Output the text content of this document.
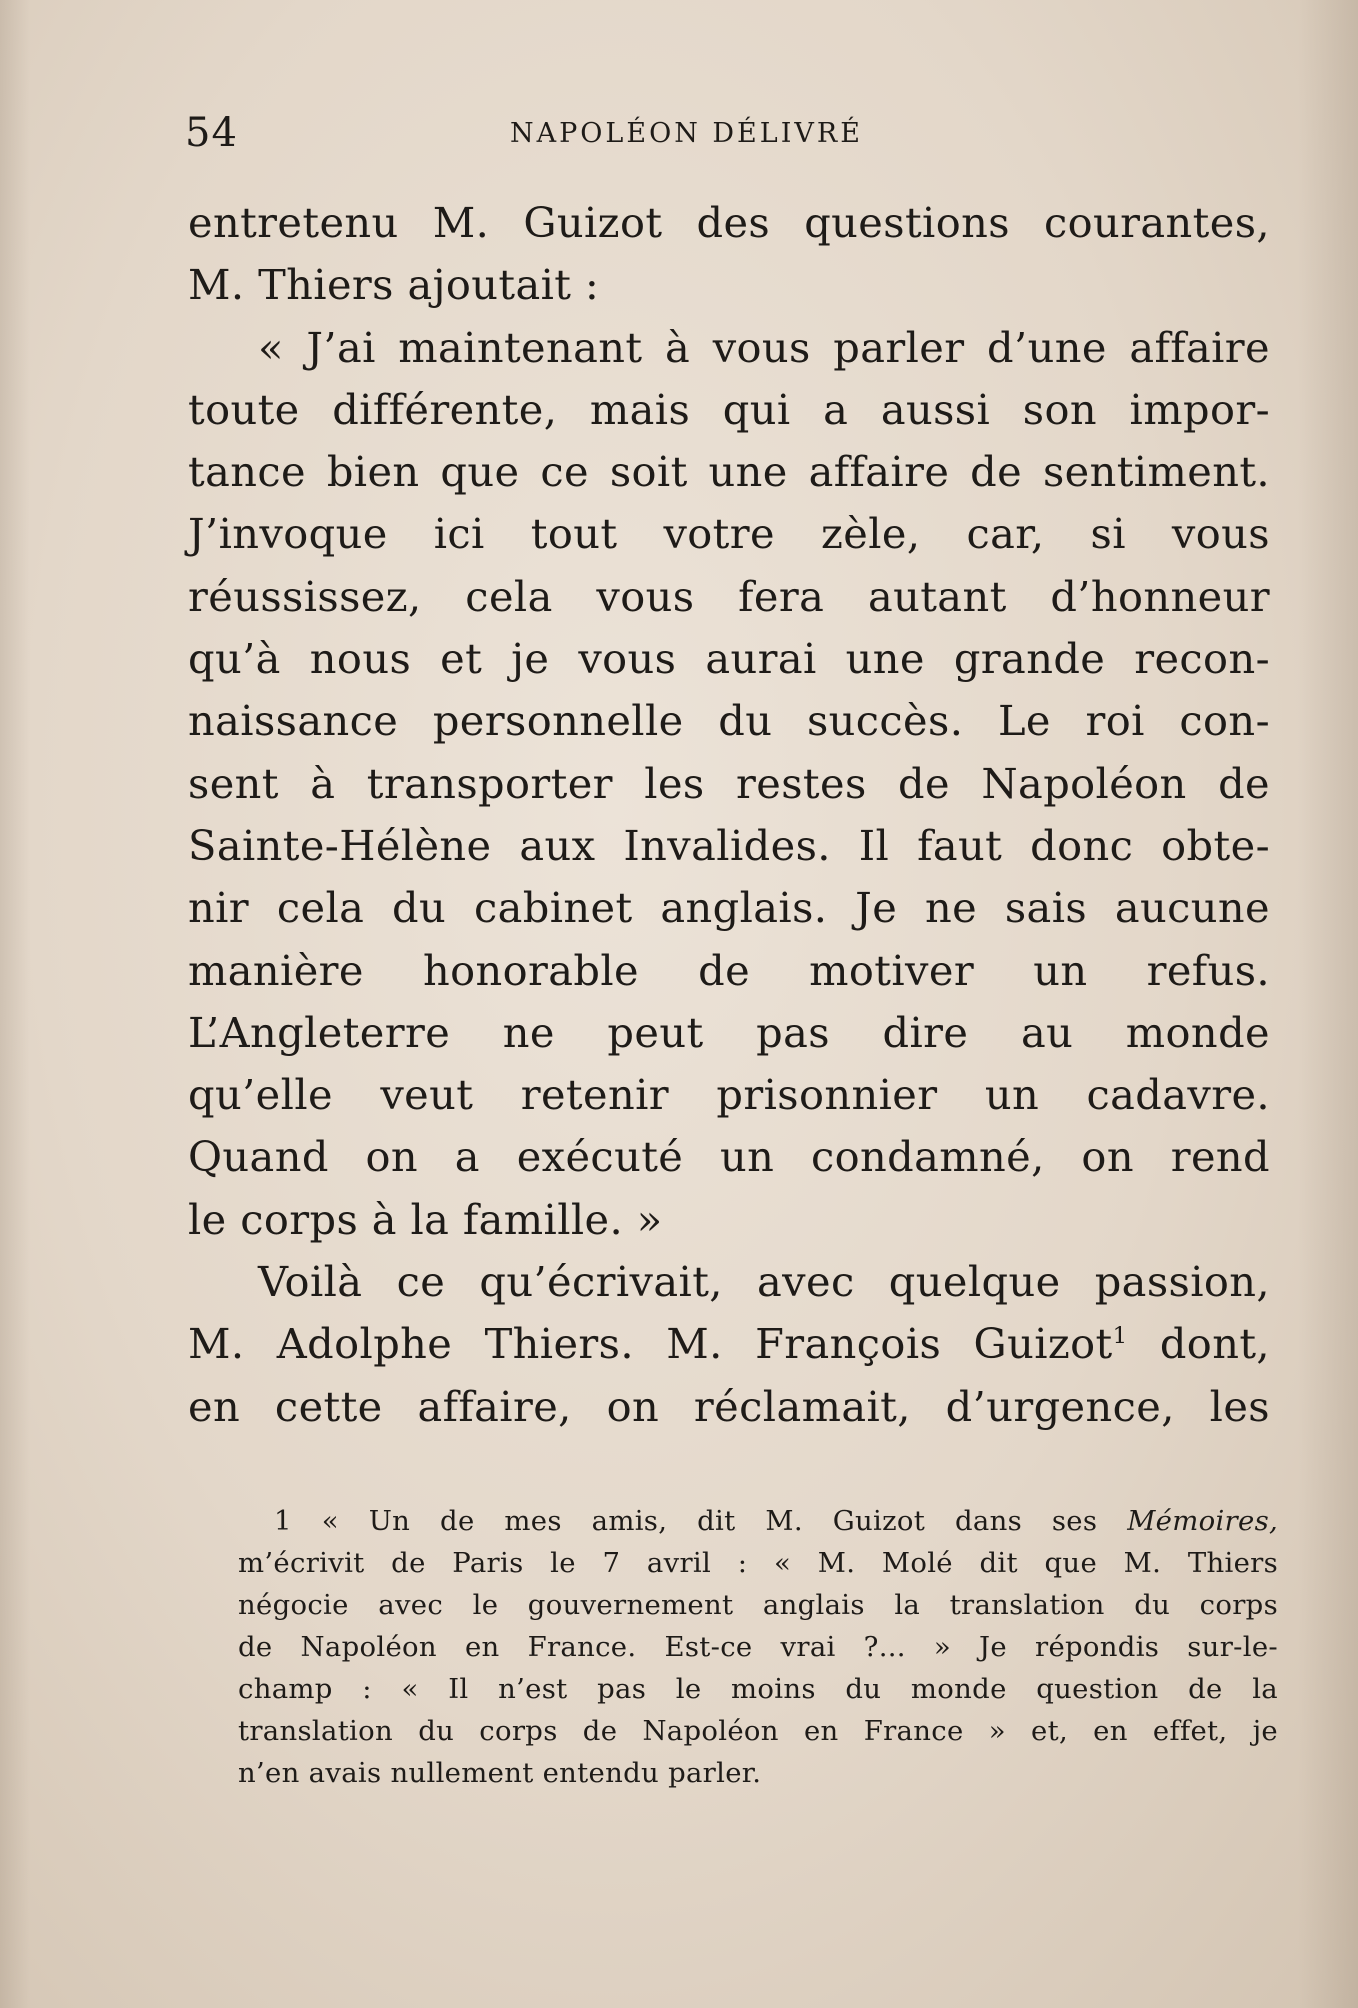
54	NAPOLÉON DÉLIVRÉ
entretenu M. Guizot des questions courantes,
M. Thiers ajoutait :
« J’ai maintenant à vous parler d’une affaire
toute différente, mais qui a aussi son impor-
tance bien que ce soit une affaire de sentiment.
J’invoque ici tout votre zèle, car, si vous
réussissez, cela vous fera autant d’honneur
qu’à nous et je vous aurai une grande recon-
naissance personnelle du succès. Le roi con-
sent à transporter les restes de Napoléon de
Sainte-Hélène aux Invalides. Il faut donc obte-
nir cela du cabinet anglais. Je ne sais aucune
manière honorable de motiver un refus.
L’Angleterre ne peut pas dire au monde
qu’elle veut retenir prisonnier un cadavre.
Quand on a exécuté un condamné, on rend
le corps à la famille. »
Voilà ce qu’écrivait, avec quelque passion,
M. Adolphe Thiers. M. François Guizot$^1$ dont,
en cette affaire, on réclamait, d’urgence, les
1 « Un de mes amis, dit M. Guizot dans ses Mémoires,
m’écrivit de Paris le 7 avril : « M. Molé dit que M. Thiers
négocie avec le gouvernement anglais la translation du corps
de Napoléon en France. Est-ce vrai ?... » Je répondis sur-le-
champ : « Il n’est pas le moins du monde question de la
translation du corps de Napoléon en France » et, en effet, je
n’en avais nullement entendu parler.
